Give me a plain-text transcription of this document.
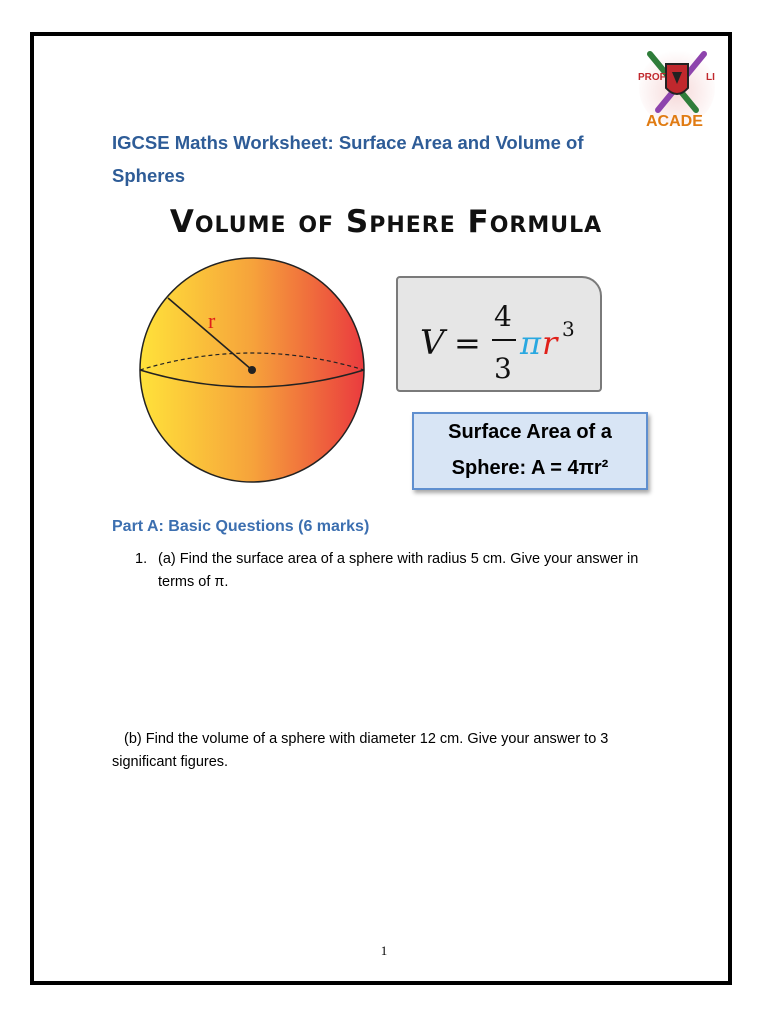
PROF	LI
ACADE
IGCSE Maths Worksheet: Surface Area and Volume of Spheres
Volume of Sphere Formula
r
V =
4
3
π r 3
Surface Area of a
Sphere: A = 4πr²
Part A: Basic Questions (6 marks)
1. (a) Find the surface area of a sphere with radius 5 cm. Give your answer in terms of π.
(b) Find the volume of a sphere with diameter 12 cm. Give your answer to 3 significant figures.
1
